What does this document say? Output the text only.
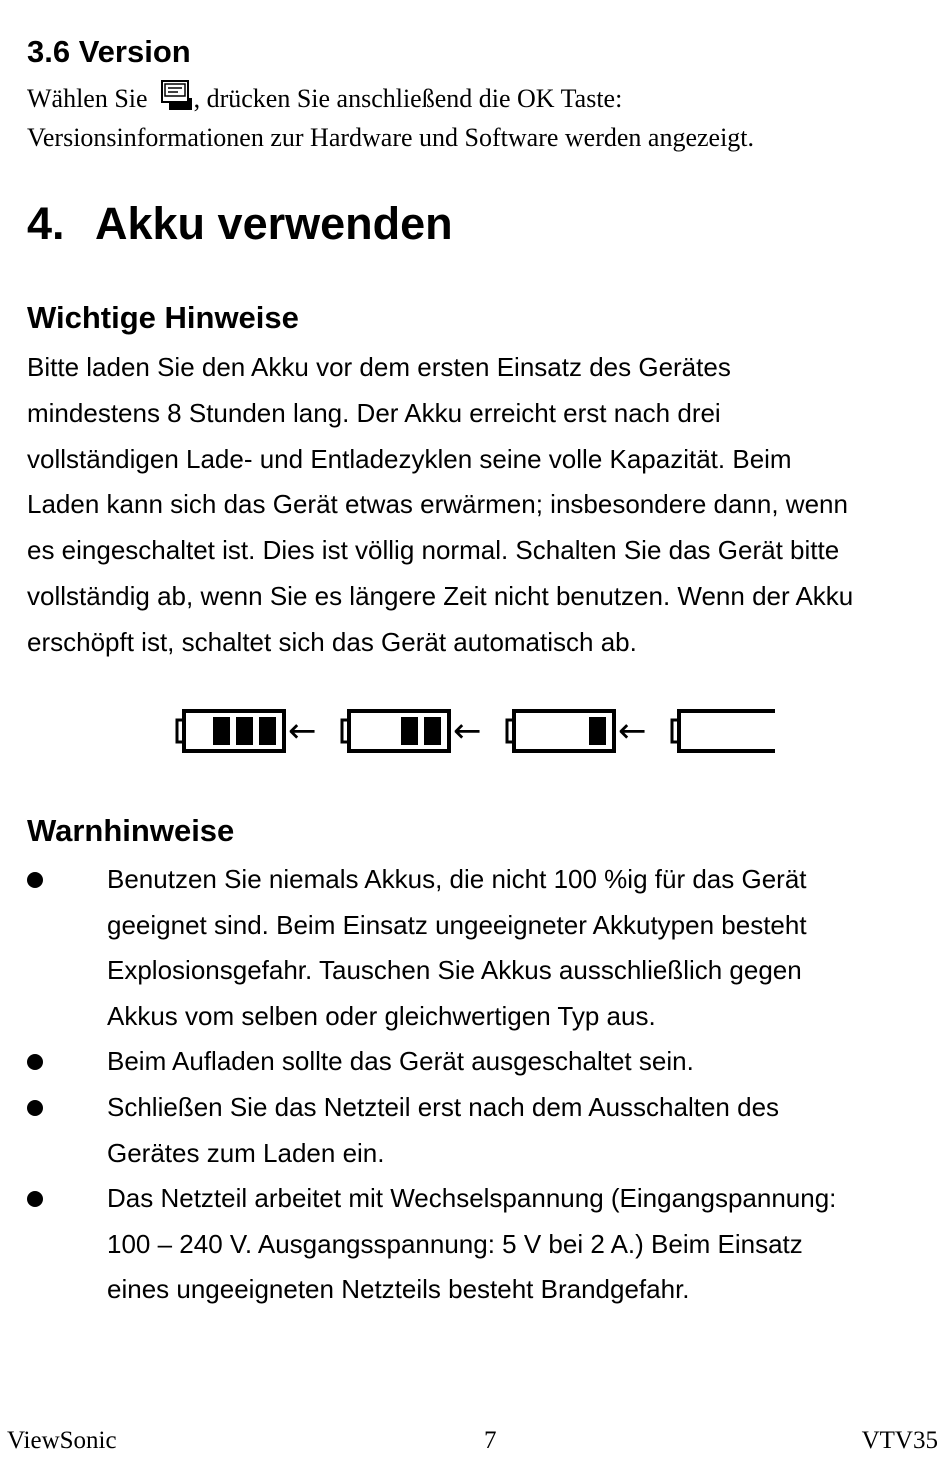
3.6 Version
Wählen Sie , drücken Sie anschließend die OK Taste:
Versionsinformationen zur Hardware und Software werden angezeigt.
4. Akku verwenden
Wichtige Hinweise

Bitte laden Sie den Akku vor dem ersten Einsatz des Gerätes

mindestens 8 Stunden lang. Der Akku erreicht erst nach drei

vollständigen Lade- und Entladezyklen seine volle Kapazität. Beim

Laden kann sich das Gerät etwas erwärmen; insbesondere dann, wenn

es eingeschaltet ist. Dies ist völlig normal. Schalten Sie das Gerät bitte

vollständig ab, wenn Sie es längere Zeit nicht benutzen. Wenn der Akku

erschöpft ist, schaltet sich das Gerät automatisch ab.

←	←	←
Warnhinweise
Benutzen Sie niemals Akkus, die nicht 100 %ig für das Gerät
geeignet sind. Beim Einsatz ungeeigneter Akkutypen besteht
Explosionsgefahr. Tauschen Sie Akkus ausschließlich gegen
Akkus vom selben oder gleichwertigen Typ aus.
Beim Aufladen sollte das Gerät ausgeschaltet sein.
Schließen Sie das Netzteil erst nach dem Ausschalten des
Gerätes zum Laden ein.
Das Netzteil arbeitet mit Wechselspannung (Eingangspannung:
100 – 240 V. Ausgangsspannung: 5 V bei 2 A.) Beim Einsatz
eines ungeeigneten Netzteils besteht Brandgefahr.
ViewSonic	7	VTV35
